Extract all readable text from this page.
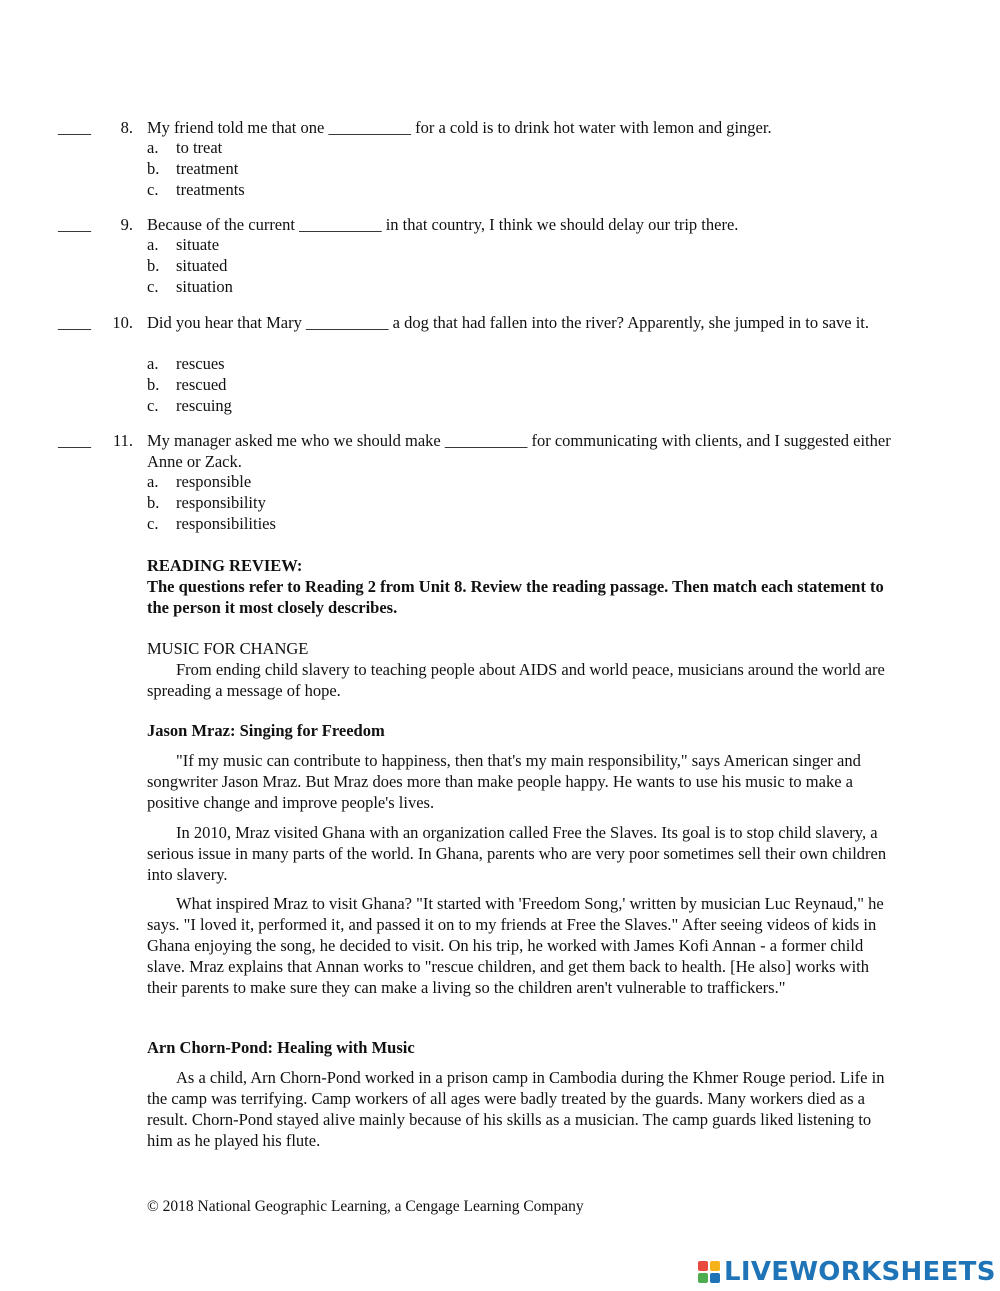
____	8. My friend told me that one __________ for a cold is to drink hot water with lemon and ginger.
a. to treat
b. treatment
c. treatments
____	9. Because of the current __________ in that country, I think we should delay our trip there.
a. situate
b. situated
c. situation
____	10. Did you hear that Mary __________ a dog that had fallen into the river? Apparently, she jumped in to save it.
a. rescues
b. rescued
c. rescuing
____	11. My manager asked me who we should make __________ for communicating with clients, and I suggested either Anne or Zack.
a. responsible
b. responsibility
c. responsibilities
READING REVIEW:
The questions refer to Reading 2 from Unit 8. Review the reading passage. Then match each statement to the person it most closely describes.
MUSIC FOR CHANGE
From ending child slavery to teaching people about AIDS and world peace, musicians around the world are spreading a message of hope.
Jason Mraz: Singing for Freedom
"If my music can contribute to happiness, then that's my main responsibility," says American singer and songwriter Jason Mraz. But Mraz does more than make people happy. He wants to use his music to make a positive change and improve people's lives.
In 2010, Mraz visited Ghana with an organization called Free the Slaves. Its goal is to stop child slavery, a serious issue in many parts of the world. In Ghana, parents who are very poor sometimes sell their own children into slavery.
What inspired Mraz to visit Ghana? "It started with 'Freedom Song,' written by musician Luc Reynaud," he says. "I loved it, performed it, and passed it on to my friends at Free the Slaves." After seeing videos of kids in Ghana enjoying the song, he decided to visit. On his trip, he worked with James Kofi Annan - a former child slave. Mraz explains that Annan works to "rescue children, and get them back to health. [He also] works with their parents to make sure they can make a living so the children aren't vulnerable to traffickers."
Arn Chorn-Pond: Healing with Music
As a child, Arn Chorn-Pond worked in a prison camp in Cambodia during the Khmer Rouge period. Life in the camp was terrifying. Camp workers of all ages were badly treated by the guards. Many workers died as a result. Chorn-Pond stayed alive mainly because of his skills as a musician. The camp guards liked listening to him as he played his flute.
© 2018 National Geographic Learning, a Cengage Learning Company
LIVEWORKSHEETS
